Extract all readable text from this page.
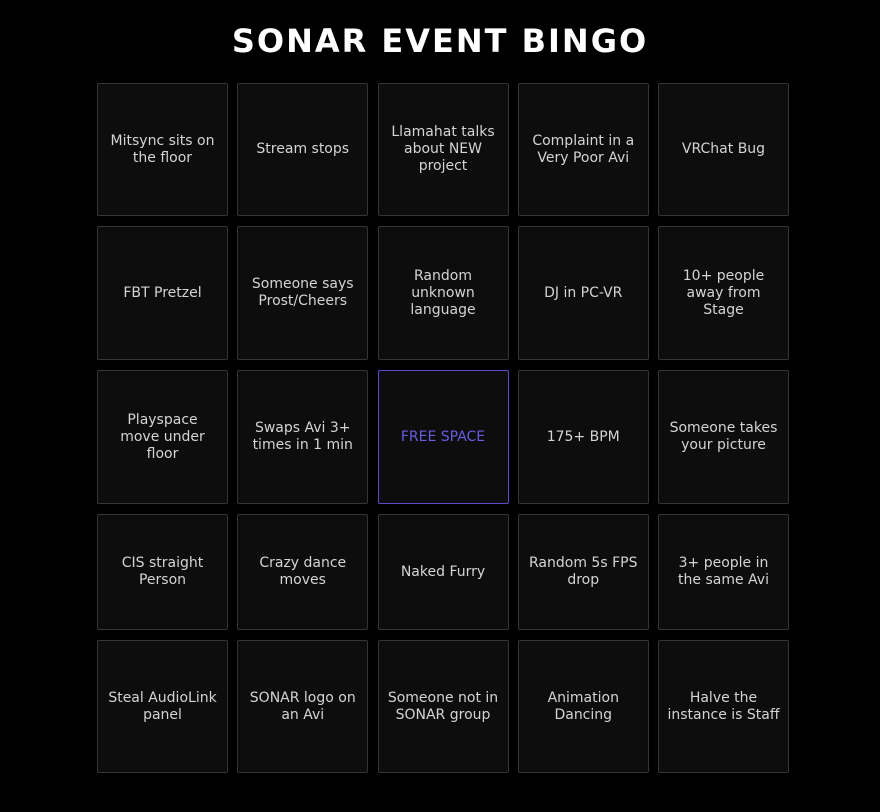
SONAR EVENT BINGO
Mitsync sits on the floor
Stream stops
Llamahat talks about NEW project
Complaint in a Very Poor Avi
VRChat Bug
FBT Pretzel
Someone says Prost/Cheers
Random unknown language
DJ in PC-VR
10+ people away from Stage
Playspace move under floor
Swaps Avi 3+ times in 1 min
FREE SPACE	175+ BPM
Someone takes your picture
CIS straight Person
Crazy dance moves
Naked Furry
Random 5s FPS drop
3+ people in the same Avi
Steal AudioLink panel
SONAR logo on an Avi
Someone not in SONAR group
Animation Dancing
Halve the instance is Staff
